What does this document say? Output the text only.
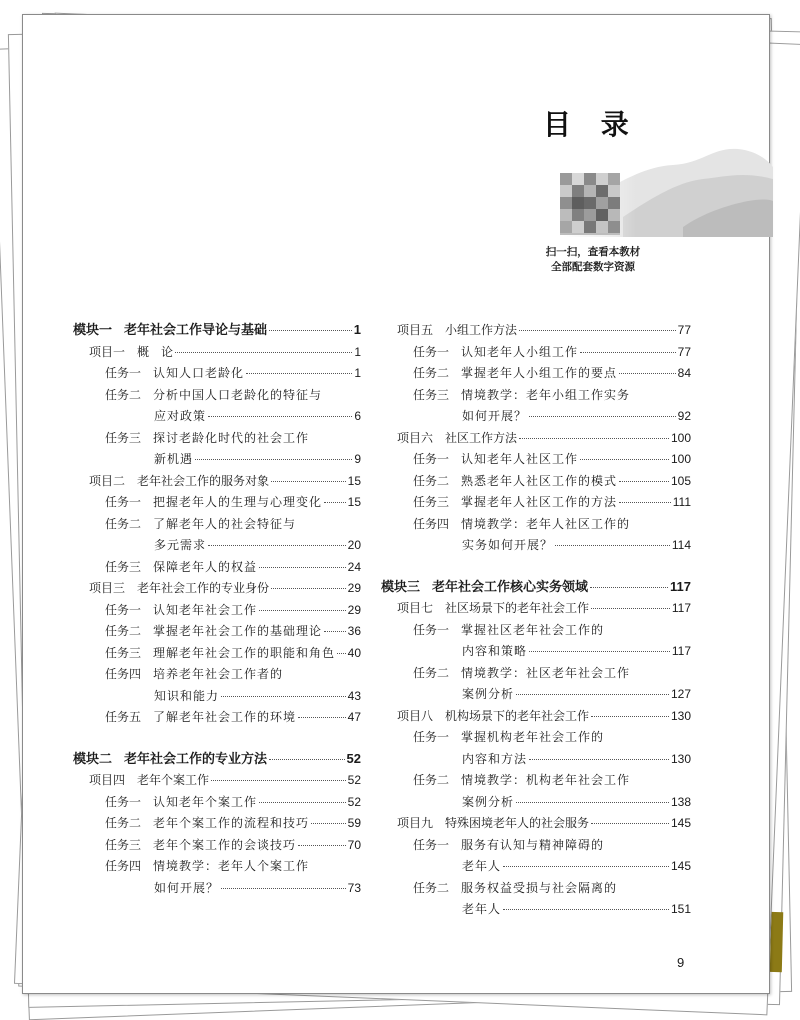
目 录
扫一扫，查看本教材
全部配套数字资源
模块一 老年社会工作导论与基础	1
项目一 概　论	1
任务一 认知人口老龄化	1
任务二 分析中国人口老龄化的特征与
应对政策	6
任务三 探讨老龄化时代的社会工作
新机遇	9
项目二 老年社会工作的服务对象	15
任务一 把握老年人的生理与心理变化 15
任务二 了解老年人的社会特征与
多元需求	20
任务三 保障老年人的权益	24
项目三 老年社会工作的专业身份	29
任务一 认知老年社会工作	29
任务二 掌握老年社会工作的基础理论 36
任务三 理解老年社会工作的职能和角色 40
任务四 培养老年社会工作者的
知识和能力	43
任务五 了解老年社会工作的环境	47
模块二 老年社会工作的专业方法	52
项目四 老年个案工作	52
任务一 认知老年个案工作	52
任务二 老年个案工作的流程和技巧	59
任务三 老年个案工作的会谈技巧	70
任务四 情境教学：老年人个案工作
如何开展？	73
项目五 小组工作方法	77
任务一 认知老年人小组工作	77
任务二 掌握老年人小组工作的要点	84
任务三 情境教学：老年小组工作实务
如何开展？	92
项目六 社区工作方法	100
任务一 认知老年人社区工作	100
任务二 熟悉老年人社区工作的模式	105
任务三 掌握老年人社区工作的方法	111
任务四 情境教学：老年人社区工作的
实务如何开展？	114
模块三 老年社会工作核心实务领域	117
项目七 社区场景下的老年社会工作	117
任务一 掌握社区老年社会工作的
内容和策略	117
任务二 情境教学：社区老年社会工作
案例分析	127
项目八 机构场景下的老年社会工作	130
任务一 掌握机构老年社会工作的
内容和方法	130
任务二 情境教学：机构老年社会工作
案例分析	138
项目九 特殊困境老年人的社会服务	145
任务一 服务有认知与精神障碍的
老年人	145
任务二 服务权益受损与社会隔离的
老年人	151
9
